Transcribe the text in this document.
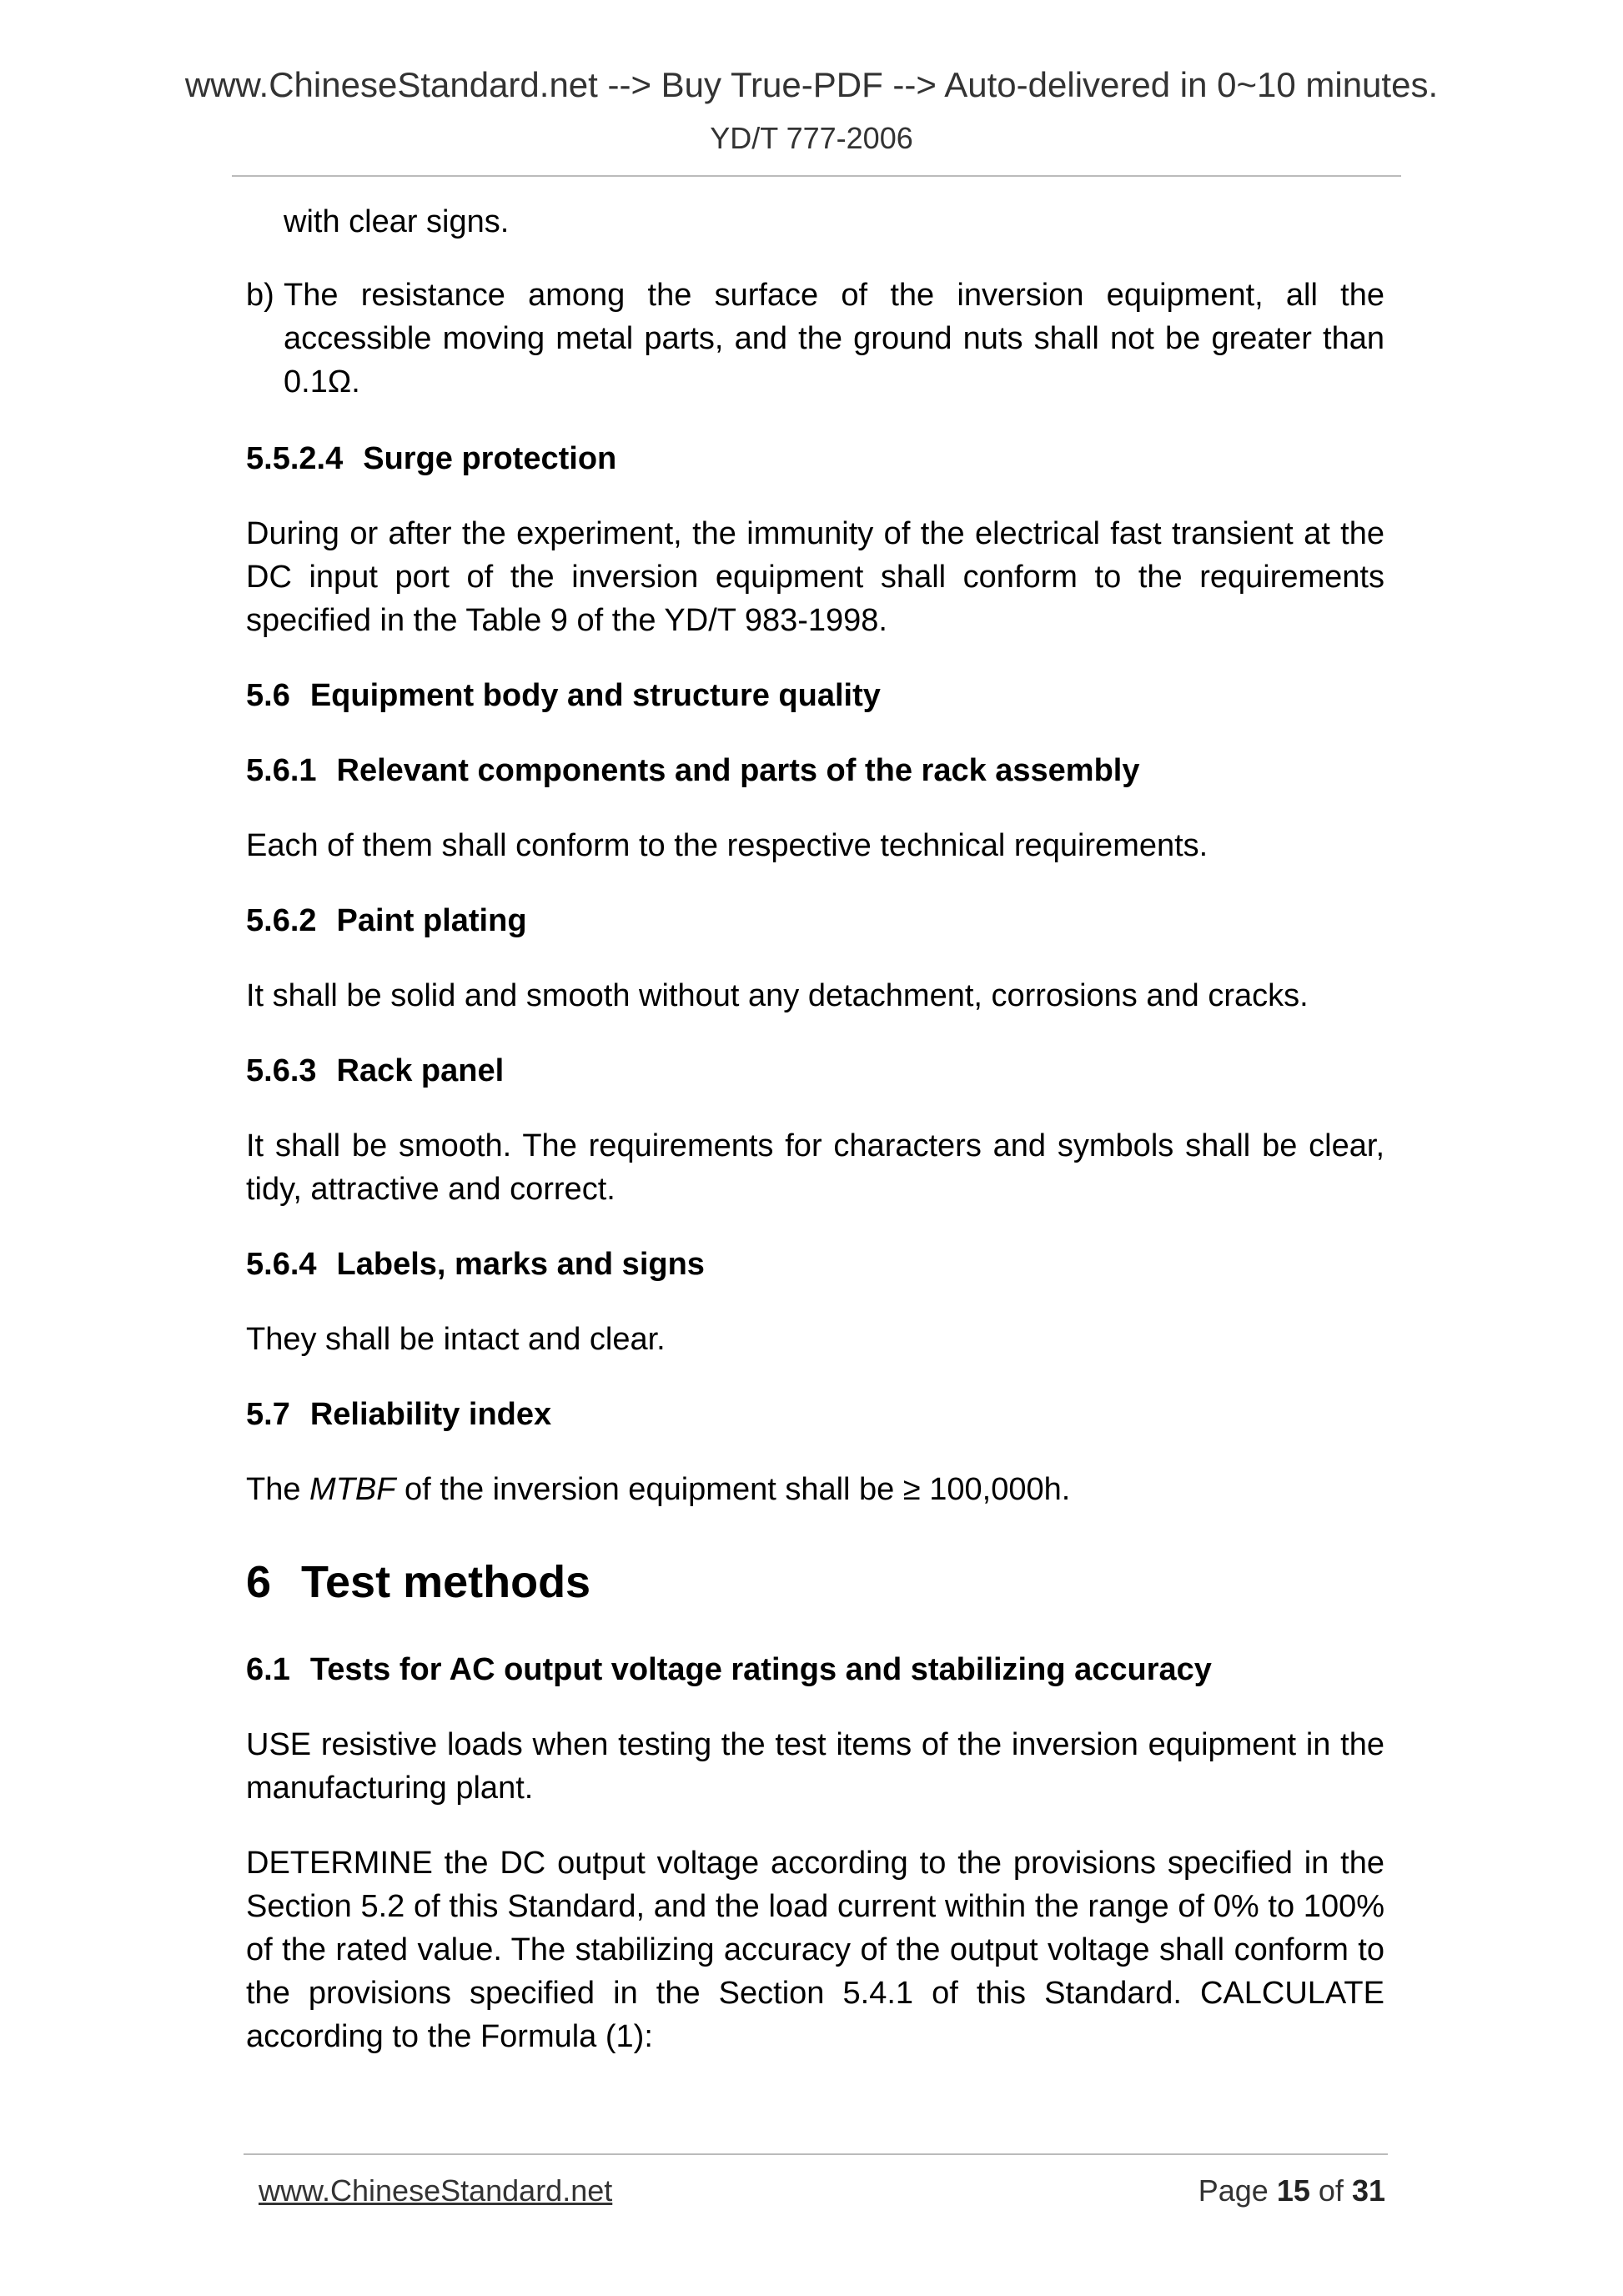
www.ChineseStandard.net --> Buy True-PDF --> Auto-delivered in 0~10 minutes.
YD/T 777-2006
with clear signs.
b) The resistance among the surface of the inversion equipment, all the accessible moving metal parts, and the ground nuts shall not be greater than 0.1Ω.
5.5.2.4 Surge protection
During or after the experiment, the immunity of the electrical fast transient at the DC input port of the inversion equipment shall conform to the requirements specified in the Table 9 of the YD/T 983-1998.
5.6 Equipment body and structure quality
5.6.1 Relevant components and parts of the rack assembly
Each of them shall conform to the respective technical requirements.
5.6.2 Paint plating
It shall be solid and smooth without any detachment, corrosions and cracks.
5.6.3 Rack panel
It shall be smooth. The requirements for characters and symbols shall be clear, tidy, attractive and correct.
5.6.4 Labels, marks and signs
They shall be intact and clear.
5.7 Reliability index
The MTBF of the inversion equipment shall be ≥ 100,000h.
6 Test methods
6.1 Tests for AC output voltage ratings and stabilizing accuracy
USE resistive loads when testing the test items of the inversion equipment in the manufacturing plant.
DETERMINE the DC output voltage according to the provisions specified in the Section 5.2 of this Standard, and the load current within the range of 0% to 100% of the rated value. The stabilizing accuracy of the output voltage shall conform to the provisions specified in the Section 5.4.1 of this Standard. CALCULATE according to the Formula (1):
www.ChineseStandard.net	Page 15 of 31
